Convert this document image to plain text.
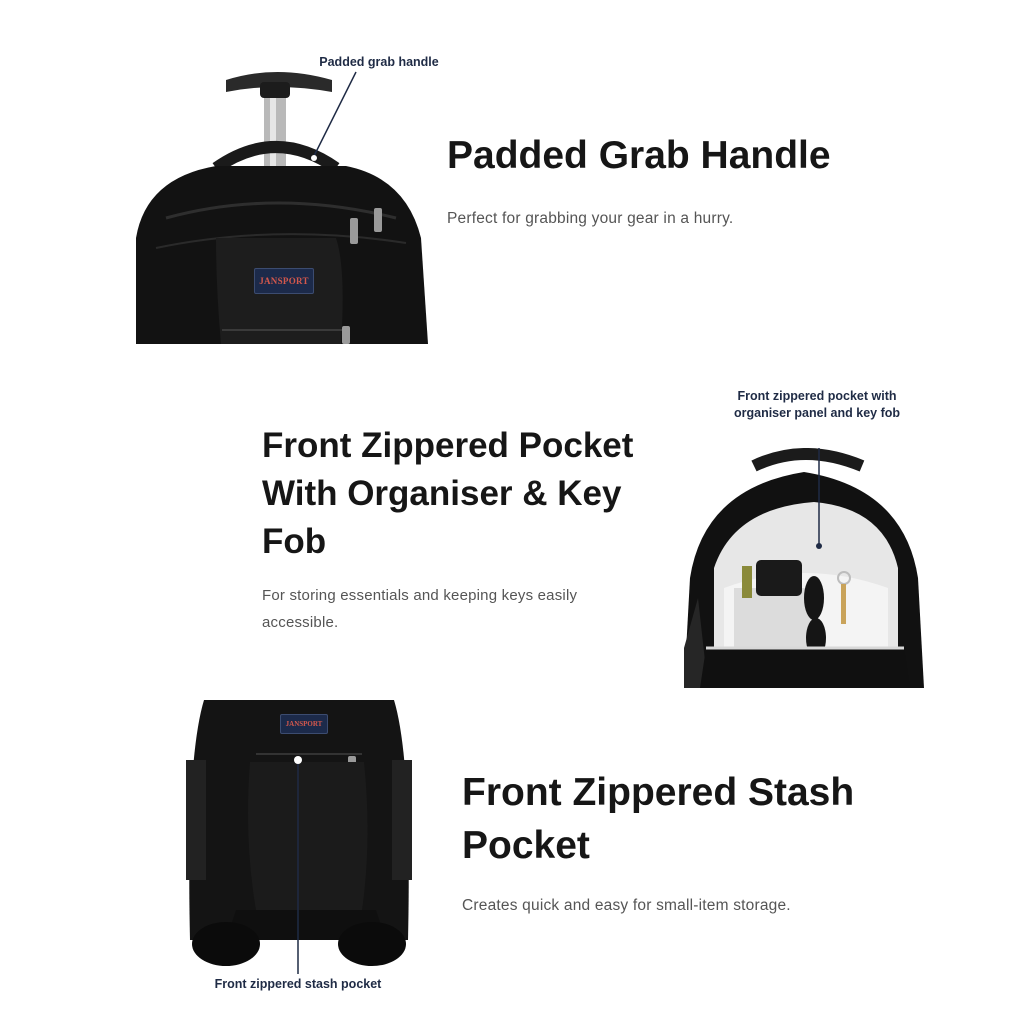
JANSPORT
Padded grab handle
Padded Grab Handle

Perfect for grabbing your gear in a hurry.

Front zippered pocket with
organiser panel and key fob
Front Zippered Pocket
With Organiser & Key
Fob
For storing essentials and keeping keys easily
accessible.
JANSPORT
Front zippered stash pocket
Front Zippered Stash
Pocket

Creates quick and easy for small-item storage.
